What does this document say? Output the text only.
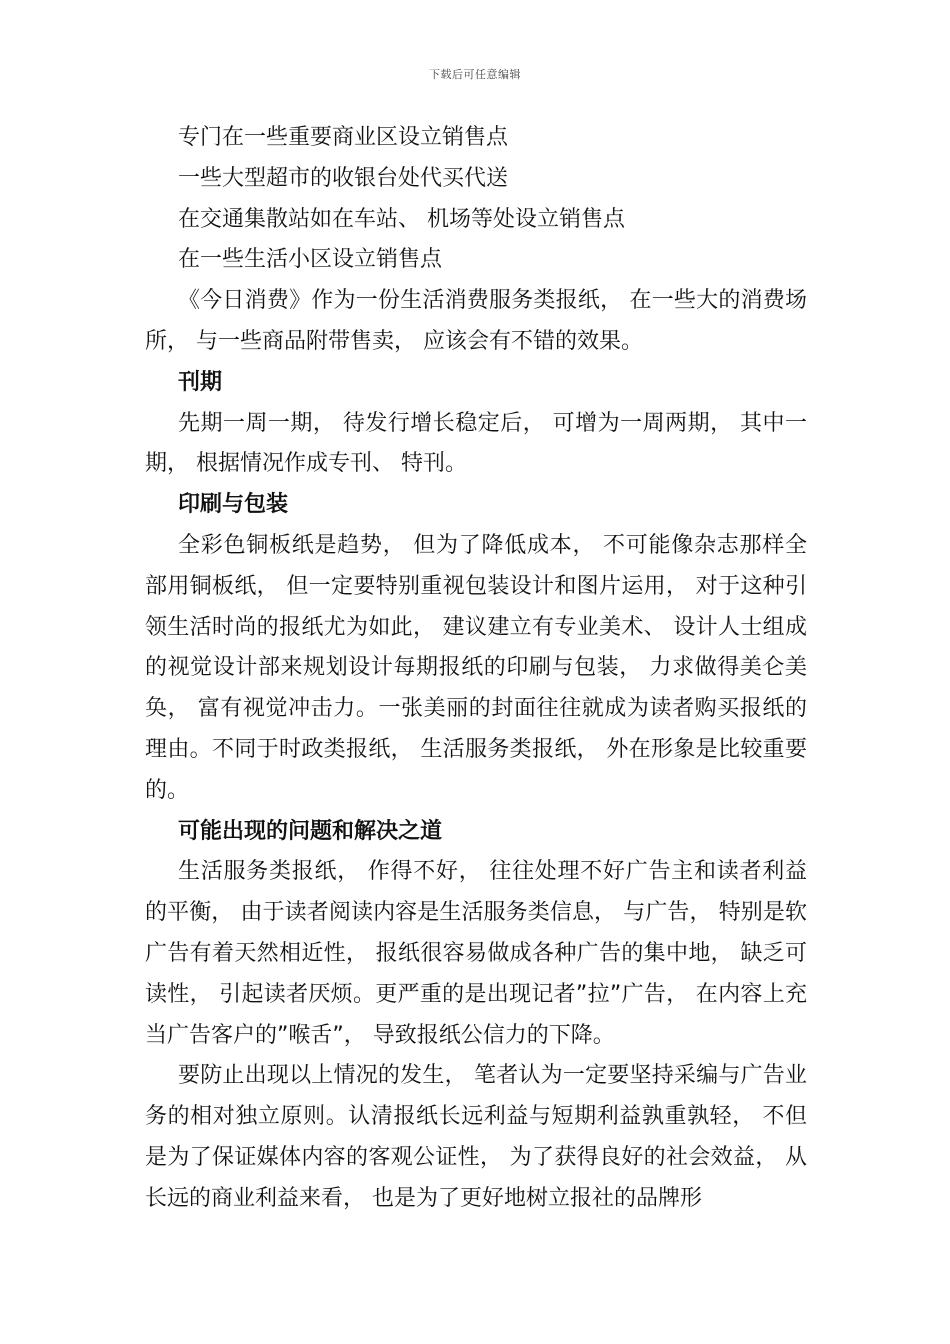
下载后可任意编辑
专门在一些重要商业区设立销售点
一些大型超市的收银台处代买代送
在交通集散站如在车站、 机场等处设立销售点
在一些生活小区设立销售点

《今日消费》作为一份生活消费服务类报纸， 在一些大的消费场所， 与一些商品附带售卖， 应该会有不错的效果。

刊期

先期一周一期， 待发行增长稳定后， 可增为一周两期， 其中一期， 根据情况作成专刊、 特刊。

印刷与包装

全彩色铜板纸是趋势， 但为了降低成本， 不可能像杂志那样全部用铜板纸， 但一定要特别重视包装设计和图片运用， 对于这种引领生活时尚的报纸尤为如此， 建议建立有专业美术、 设计人士组成的视觉设计部来规划设计每期报纸的印刷与包装， 力求做得美仑美奂， 富有视觉冲击力。一张美丽的封面往往就成为读者购买报纸的理由。不同于时政类报纸， 生活服务类报纸， 外在形象是比较重要的。

可能出现的问题和解决之道

生活服务类报纸， 作得不好， 往往处理不好广告主和读者利益的平衡， 由于读者阅读内容是生活服务类信息， 与广告， 特别是软广告有着天然相近性， 报纸很容易做成各种广告的集中地， 缺乏可读性， 引起读者厌烦。更严重的是出现记者”拉”广告， 在内容上充当广告客户的”喉舌”， 导致报纸公信力的下降。

要防止出现以上情况的发生， 笔者认为一定要坚持采编与广告业务的相对独立原则。认清报纸长远利益与短期利益孰重孰轻， 不但是为了保证媒体内容的客观公证性， 为了获得良好的社会效益， 从长远的商业利益来看， 也是为了更好地树立报社的品牌形
